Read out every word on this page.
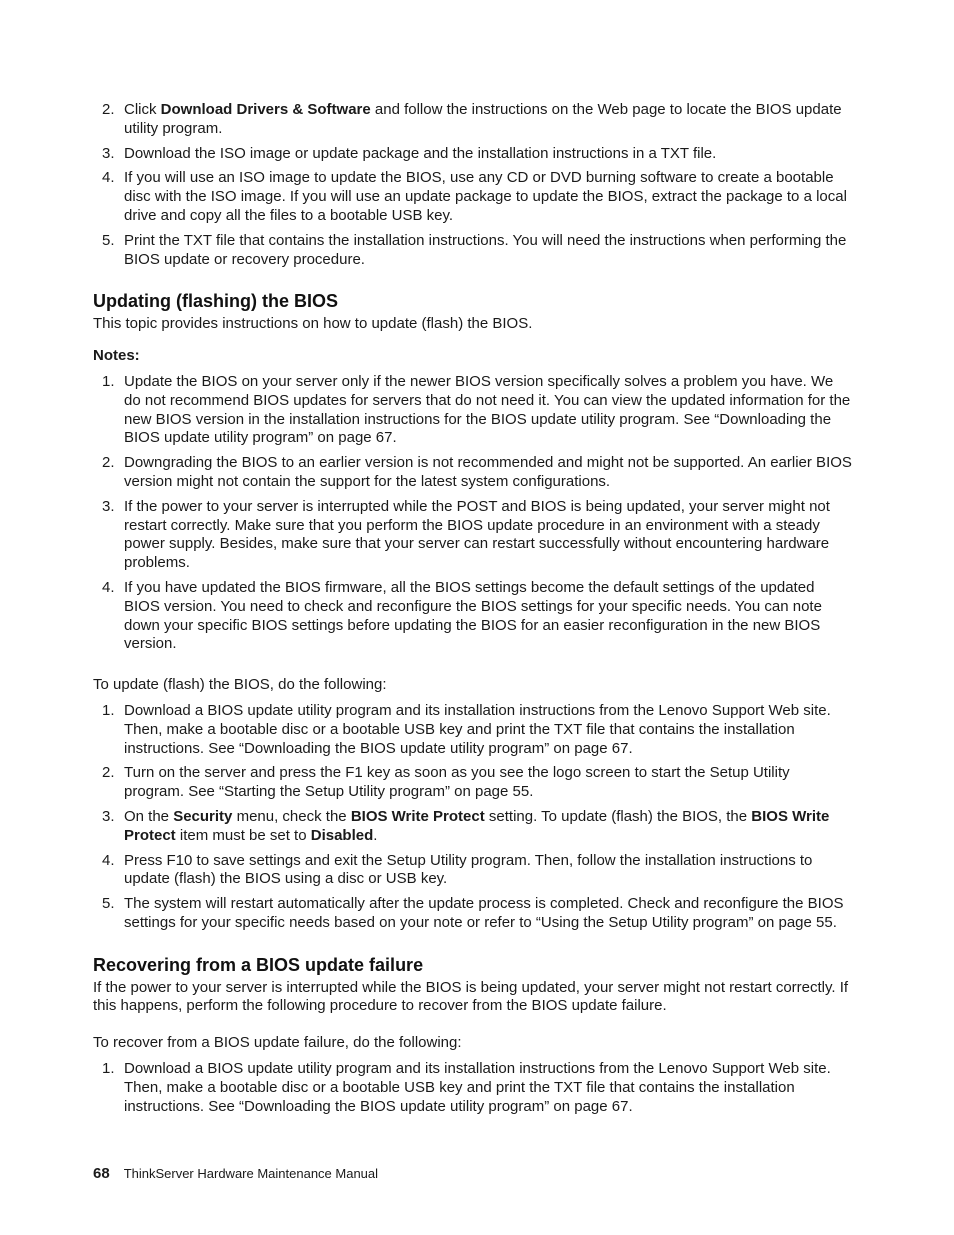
2. Click Download Drivers & Software and follow the instructions on the Web page to locate the BIOS update utility program.
3. Download the ISO image or update package and the installation instructions in a TXT file.
4. If you will use an ISO image to update the BIOS, use any CD or DVD burning software to create a bootable disc with the ISO image. If you will use an update package to update the BIOS, extract the package to a local drive and copy all the files to a bootable USB key.
5. Print the TXT file that contains the installation instructions. You will need the instructions when performing the BIOS update or recovery procedure.
Updating (flashing) the BIOS

This topic provides instructions on how to update (flash) the BIOS.

Notes:

1. Update the BIOS on your server only if the newer BIOS version specifically solves a problem you have. We do not recommend BIOS updates for servers that do not need it. You can view the updated information for the new BIOS version in the installation instructions for the BIOS update utility program. See “Downloading the BIOS update utility program” on page 67.
2. Downgrading the BIOS to an earlier version is not recommended and might not be supported. An earlier BIOS version might not contain the support for the latest system configurations.
3. If the power to your server is interrupted while the POST and BIOS is being updated, your server might not restart correctly. Make sure that you perform the BIOS update procedure in an environment with a steady power supply. Besides, make sure that your server can restart successfully without encountering hardware problems.
4. If you have updated the BIOS firmware, all the BIOS settings become the default settings of the updated BIOS version. You need to check and reconfigure the BIOS settings for your specific needs. You can note down your specific BIOS settings before updating the BIOS for an easier reconfiguration in the new BIOS version.

To update (flash) the BIOS, do the following:

1. Download a BIOS update utility program and its installation instructions from the Lenovo Support Web site. Then, make a bootable disc or a bootable USB key and print the TXT file that contains the installation instructions. See “Downloading the BIOS update utility program” on page 67.
2. Turn on the server and press the F1 key as soon as you see the logo screen to start the Setup Utility program. See “Starting the Setup Utility program” on page 55.
3. On the Security menu, check the BIOS Write Protect setting. To update (flash) the BIOS, the BIOS Write Protect item must be set to Disabled.
4. Press F10 to save settings and exit the Setup Utility program. Then, follow the installation instructions to update (flash) the BIOS using a disc or USB key.
5. The system will restart automatically after the update process is completed. Check and reconfigure the BIOS settings for your specific needs based on your note or refer to “Using the Setup Utility program” on page 55.
Recovering from a BIOS update failure

If the power to your server is interrupted while the BIOS is being updated, your server might not restart correctly. If this happens, perform the following procedure to recover from the BIOS update failure.

To recover from a BIOS update failure, do the following:

1. Download a BIOS update utility program and its installation instructions from the Lenovo Support Web site. Then, make a bootable disc or a bootable USB key and print the TXT file that contains the installation instructions. See “Downloading the BIOS update utility program” on page 67.
68 ThinkServer Hardware Maintenance Manual
